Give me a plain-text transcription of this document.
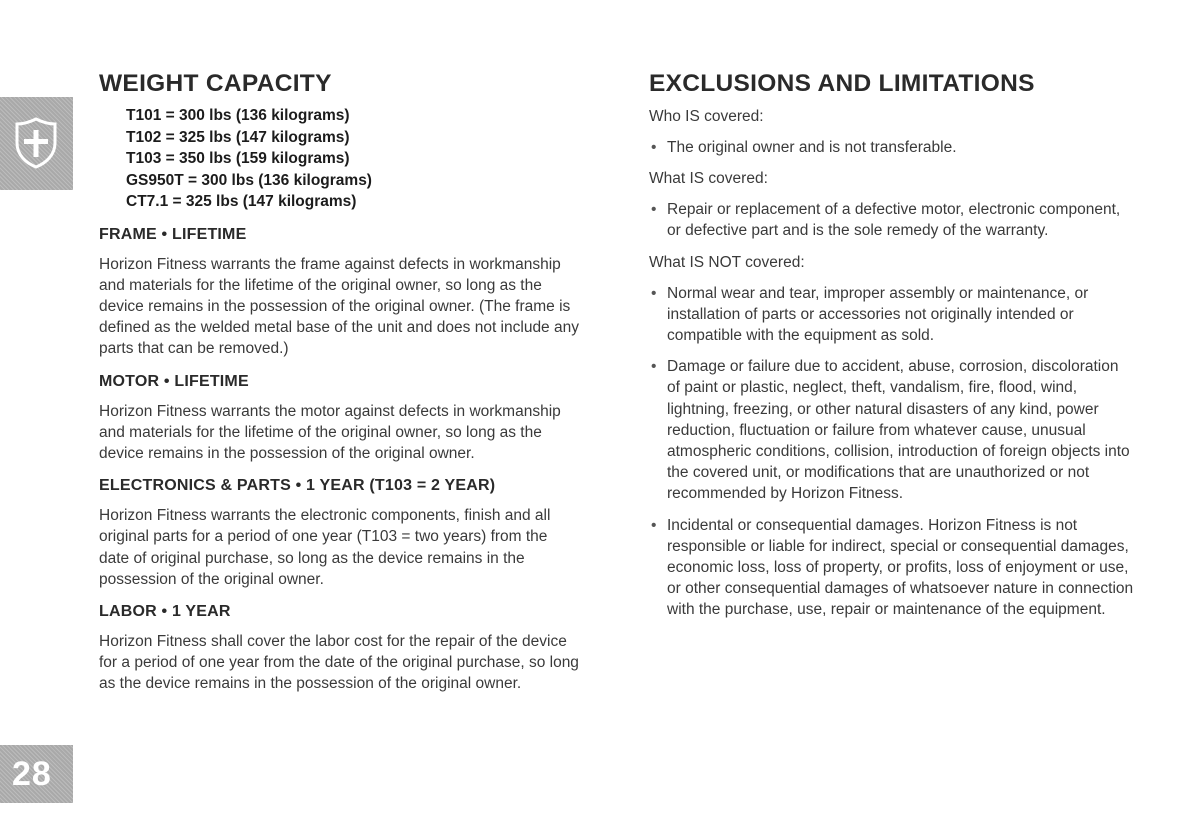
28
WEIGHT CAPACITY
T101 = 300 lbs (136 kilograms)
T102 = 325 lbs (147 kilograms)
T103 = 350 lbs (159 kilograms)
GS950T = 300 lbs (136 kilograms)
CT7.1 = 325 lbs (147 kilograms)
FRAME • LIFETIME

Horizon Fitness warrants the frame against defects in workmanship and materials for the lifetime of the original owner, so long as the device remains in the possession of the original owner. (The frame is defined as the welded metal base of the unit and does not include any parts that can be removed.)

MOTOR • LIFETIME

Horizon Fitness warrants the motor against defects in workmanship and materials for the lifetime of the original owner, so long as the device remains in the possession of the original owner.

ELECTRONICS & PARTS • 1 YEAR (T103 = 2 YEAR)

Horizon Fitness warrants the electronic components, finish and all original parts for a period of one year (T103 = two years) from the date of original purchase, so long as the device remains in the possession of the original owner.

LABOR • 1 YEAR

Horizon Fitness shall cover the labor cost for the repair of the device for a period of one year from the date of the original purchase, so long as the device remains in the possession of the original owner.

EXCLUSIONS AND LIMITATIONS
Who IS covered:
• The original owner and is not transferable.
What IS covered:
• Repair or replacement of a defective motor, electronic component, or defective part and is the sole remedy of the warranty.
What IS NOT covered:
• Normal wear and tear, improper assembly or maintenance, or installation of parts or accessories not originally intended or compatible with the equipment as sold.
• Damage or failure due to accident, abuse, corrosion, discoloration of paint or plastic, neglect, theft, vandalism, fire, flood, wind, lightning, freezing, or other natural disasters of any kind, power reduction, fluctuation or failure from whatever cause, unusual atmospheric conditions, collision, introduction of foreign objects into the covered unit, or modifications that are unauthorized or not recommended by Horizon Fitness.
• Incidental or consequential damages. Horizon Fitness is not responsible or liable for indirect, special or consequential damages, economic loss, loss of property, or profits, loss of enjoyment or use, or other consequential damages of whatsoever nature in connection with the purchase, use, repair or maintenance of the equipment.
